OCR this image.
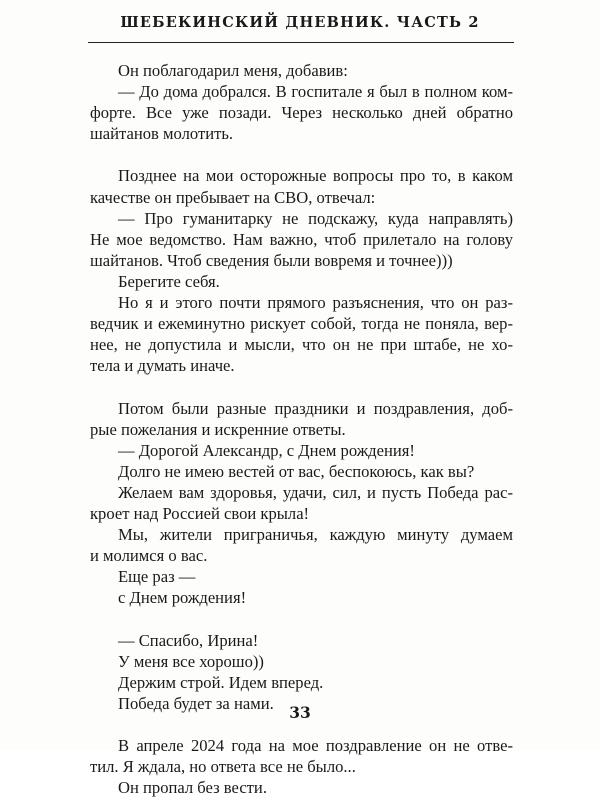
ШЕБЕКИНСКИЙ ДНЕВНИК. ЧАСТЬ 2
Он поблагодарил меня, добавив:
— До дома добрался. В госпитале я был в полном ком-
форте. Все уже позади. Через несколько дней обратно
шайтанов молотить.
Позднее на мои осторожные вопросы про то, в каком
качестве он пребывает на СВО, отвечал:
— Про гуманитарку не подскажу, куда направлять)
Не мое ведомство. Нам важно, чтоб прилетало на голову
шайтанов. Чтоб сведения были вовремя и точнее)))
Берегите себя.
Но я и этого почти прямого разъяснения, что он раз-
ведчик и ежеминутно рискует собой, тогда не поняла, вер-
нее, не допустила и мысли, что он не при штабе, не хо-
тела и думать иначе.
Потом были разные праздники и поздравления, доб-
рые пожелания и искренние ответы.
— Дорогой Александр, с Днем рождения!
Долго не имею вестей от вас, беспокоюсь, как вы?
Желаем вам здоровья, удачи, сил, и пусть Победа рас-
кроет над Россией свои крыла!
Мы, жители приграничья, каждую минуту думаем
и молимся о вас.
Еще раз —
с Днем рождения!
— Спасибо, Ирина!
У меня все хорошо))
Держим строй. Идем вперед.
Победа будет за нами.
В апреле 2024 года на мое поздравление он не отве-
тил. Я ждала, но ответа все не было...
Он пропал без вести.
33
